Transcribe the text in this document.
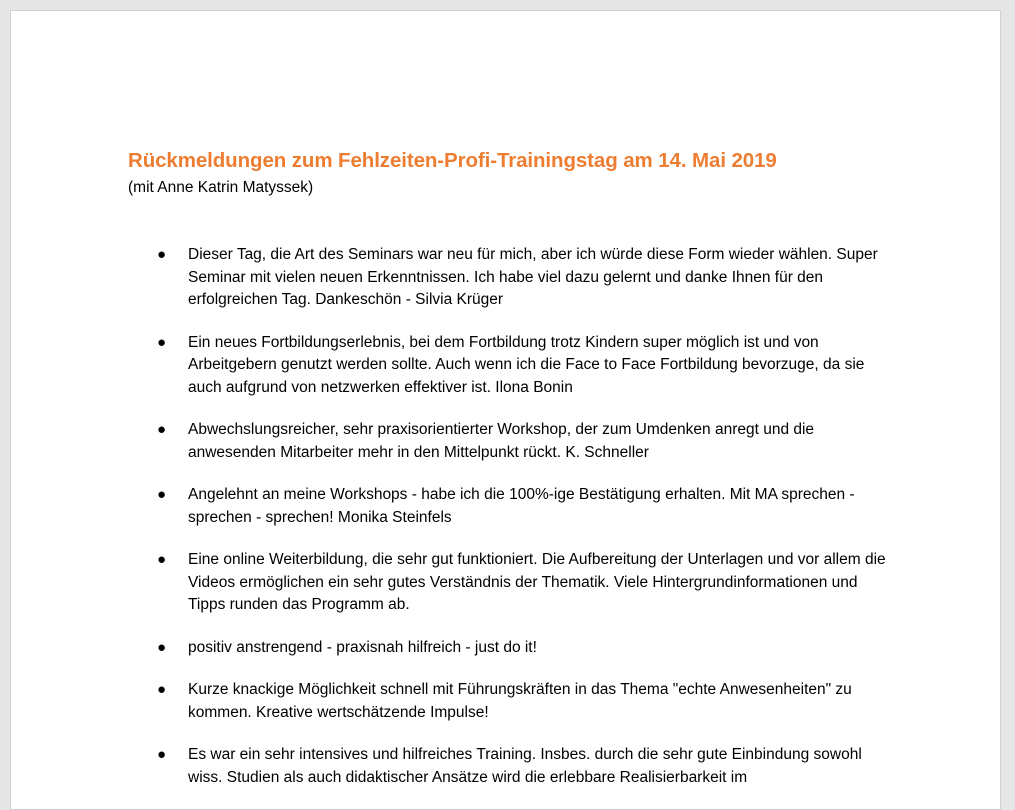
Rückmeldungen zum Fehlzeiten-Profi-Trainingstag am 14. Mai 2019
(mit Anne Katrin Matyssek)
● Dieser Tag, die Art des Seminars war neu für mich, aber ich würde diese Form wieder wählen. Super Seminar mit vielen neuen Erkenntnissen. Ich habe viel dazu gelernt und danke Ihnen für den erfolgreichen Tag. Dankeschön - Silvia Krüger
● Ein neues Fortbildungserlebnis, bei dem Fortbildung trotz Kindern super möglich ist und von Arbeitgebern genutzt werden sollte. Auch wenn ich die Face to Face Fortbildung bevorzuge, da sie auch aufgrund von netzwerken effektiver ist. Ilona Bonin
● Abwechslungsreicher, sehr praxisorientierter Workshop, der zum Umdenken anregt und die anwesenden Mitarbeiter mehr in den Mittelpunkt rückt. K. Schneller
● Angelehnt an meine Workshops - habe ich die 100%-ige Bestätigung erhalten. Mit MA sprechen - sprechen - sprechen! Monika Steinfels
● Eine online Weiterbildung, die sehr gut funktioniert. Die Aufbereitung der Unterlagen und vor allem die Videos ermöglichen ein sehr gutes Verständnis der Thematik. Viele Hintergrundinformationen und Tipps runden das Programm ab.
● positiv anstrengend - praxisnah hilfreich - just do it!
● Kurze knackige Möglichkeit schnell mit Führungskräften in das Thema "echte Anwesenheiten" zu kommen. Kreative wertschätzende Impulse!
● Es war ein sehr intensives und hilfreiches Training. Insbes. durch die sehr gute Einbindung sowohl wiss. Studien als auch didaktischer Ansätze wird die erlebbare Realisierbarkeit im
